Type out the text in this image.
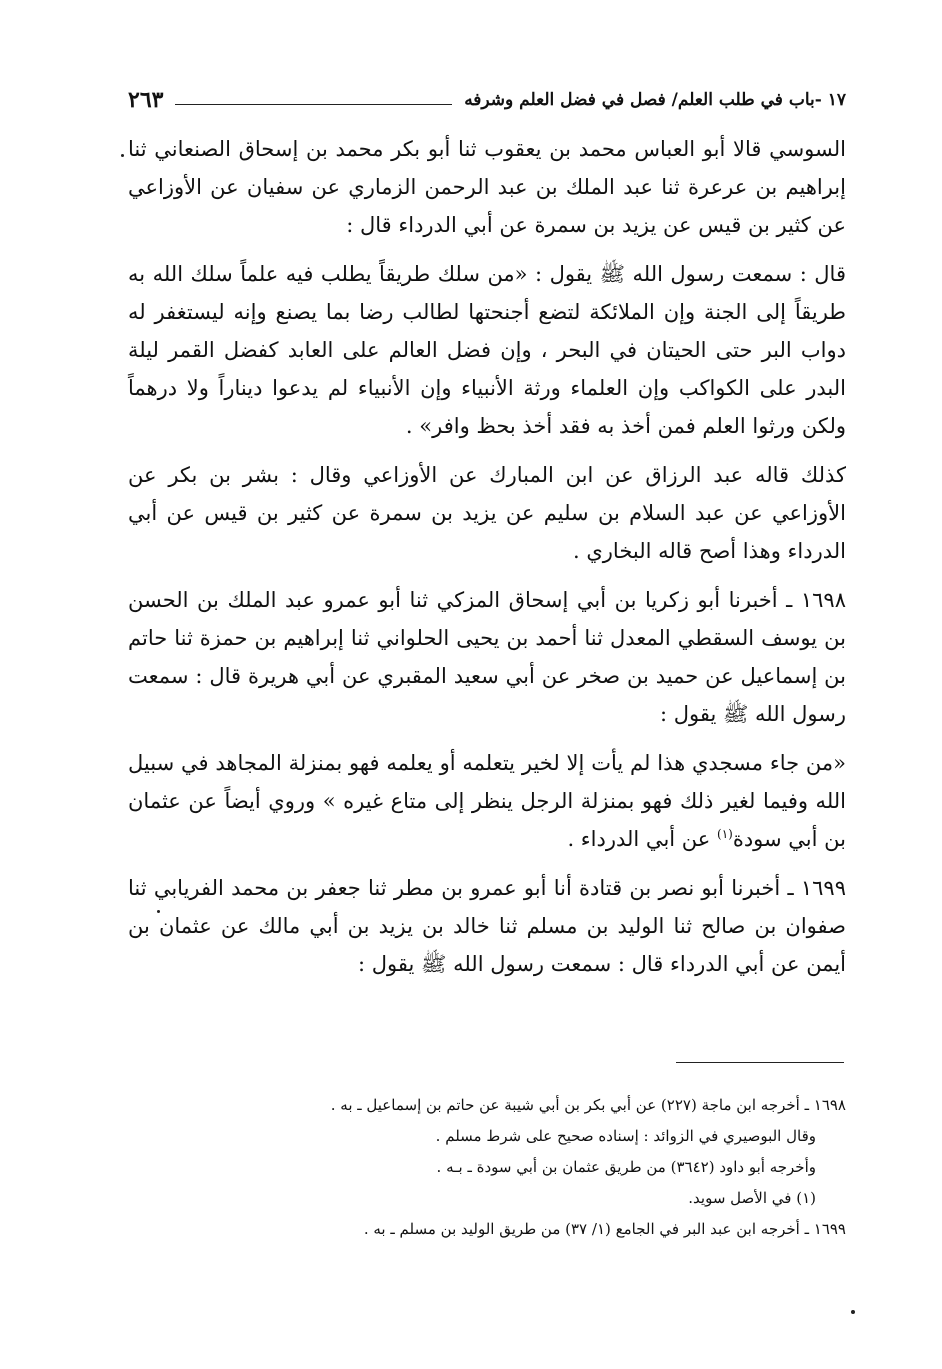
١٧ -باب في طلب العلم/ فصل في فضل العلم وشرفه
٢٦٣

السوسي قالا أبو العباس محمد بن يعقوب ثنا أبو بكر محمد بن إسحاق الصنعاني ثنا إبراهيم بن عرعرة ثنا عبد الملك بن عبد الرحمن الزماري عن سفيان عن الأوزاعي عن كثير بن قيس عن يزيد بن سمرة عن أبي الدرداء قال :

قال : سمعت رسول الله ﷺ يقول : «من سلك طريقاً يطلب فيه علماً سلك الله به طريقاً إلى الجنة وإن الملائكة لتضع أجنحتها لطالب رضا بما يصنع وإنه ليستغفر له دواب البر حتى الحيتان في البحر ، وإن فضل العالم على العابد كفضل القمر ليلة البدر على الكواكب وإن العلماء ورثة الأنبياء وإن الأنبياء لم يدعوا ديناراً ولا درهماً ولكن ورثوا العلم فمن أخذ به فقد أخذ بحظ وافر» .

كذلك قاله عبد الرزاق عن ابن المبارك عن الأوزاعي وقال : بشر بن بكر عن الأوزاعي عن عبد السلام بن سليم عن يزيد بن سمرة عن كثير بن قيس عن أبي الدرداء وهذا أصح قاله البخاري .

١٦٩٨ ـ أخبرنا أبو زكريا بن أبي إسحاق المزكي ثنا أبو عمرو عبد الملك بن الحسن بن يوسف السقطي المعدل ثنا أحمد بن يحيى الحلواني ثنا إبراهيم بن حمزة ثنا حاتم بن إسماعيل عن حميد بن صخر عن أبي سعيد المقبري عن أبي هريرة قال : سمعت رسول الله ﷺ يقول :

«من جاء مسجدي هذا لم يأت إلا لخير يتعلمه أو يعلمه فهو بمنزلة المجاهد في سبيل الله وفيما لغير ذلك فهو بمنزلة الرجل ينظر إلى متاع غيره » وروي أيضاً عن عثمان بن أبي سودة$^{(١)}$ عن أبي الدرداء .

١٦٩٩ ـ أخبرنا أبو نصر بن قتادة أنا أبو عمرو بن مطر ثنا جعفر بن محمد الفريابي ثنا صفوان بن صالح ثنا الوليد بن مسلم ثنا خالد بن يزيد بن أبي مالك عن عثمان بن أيمن عن أبي الدرداء قال : سمعت رسول الله ﷺ يقول :

١٦٩٨ ـ أخرجه ابن ماجة (٢٢٧) عن أبي بكر بن أبي شيبة عن حاتم بن إسماعيل ـ به .
وقال البوصيري في الزوائد : إسناده صحيح على شرط مسلم .
وأخرجه أبو داود (٣٦٤٢) من طريق عثمان بن أبي سودة ـ بـه .
(١) في الأصل سويد.
١٦٩٩ ـ أخرجه ابن عبد البر في الجامع (١/ ٣٧) من طريق الوليد بن مسلم ـ به .
